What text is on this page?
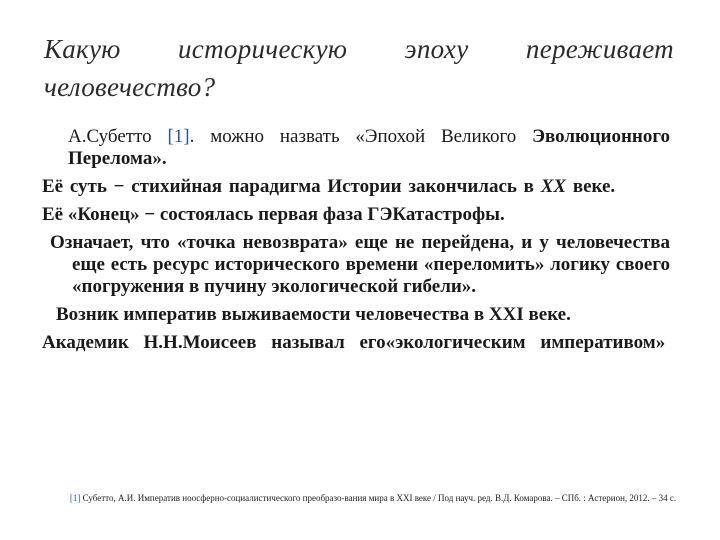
Какую историческую эпоху переживает человечество?

А.Субетто [1]. можно назвать «Эпохой Великого Эволюционного Перелома».

Её суть − стихийная парадигма Истории закончилась в XX веке.

Её «Конец» − состоялась первая фаза ГЭКатастрофы.

Означает, что «точка невозврата» еще не перейдена, и у человечества еще есть ресурс исторического времени «переломить» логику своего «погружения в пучину экологической гибели».

Возник императив выживаемости человечества в XXI веке.

Академик Н.Н.Моисеев называл его«экологическим императивом»

[1] Субетто, А.И. Императив ноосферно-социалистического преобразо-вания мира в XXI веке / Под науч. ред. В.Д. Комарова. – СПб. : Астерион, 2012. – 34 с.
